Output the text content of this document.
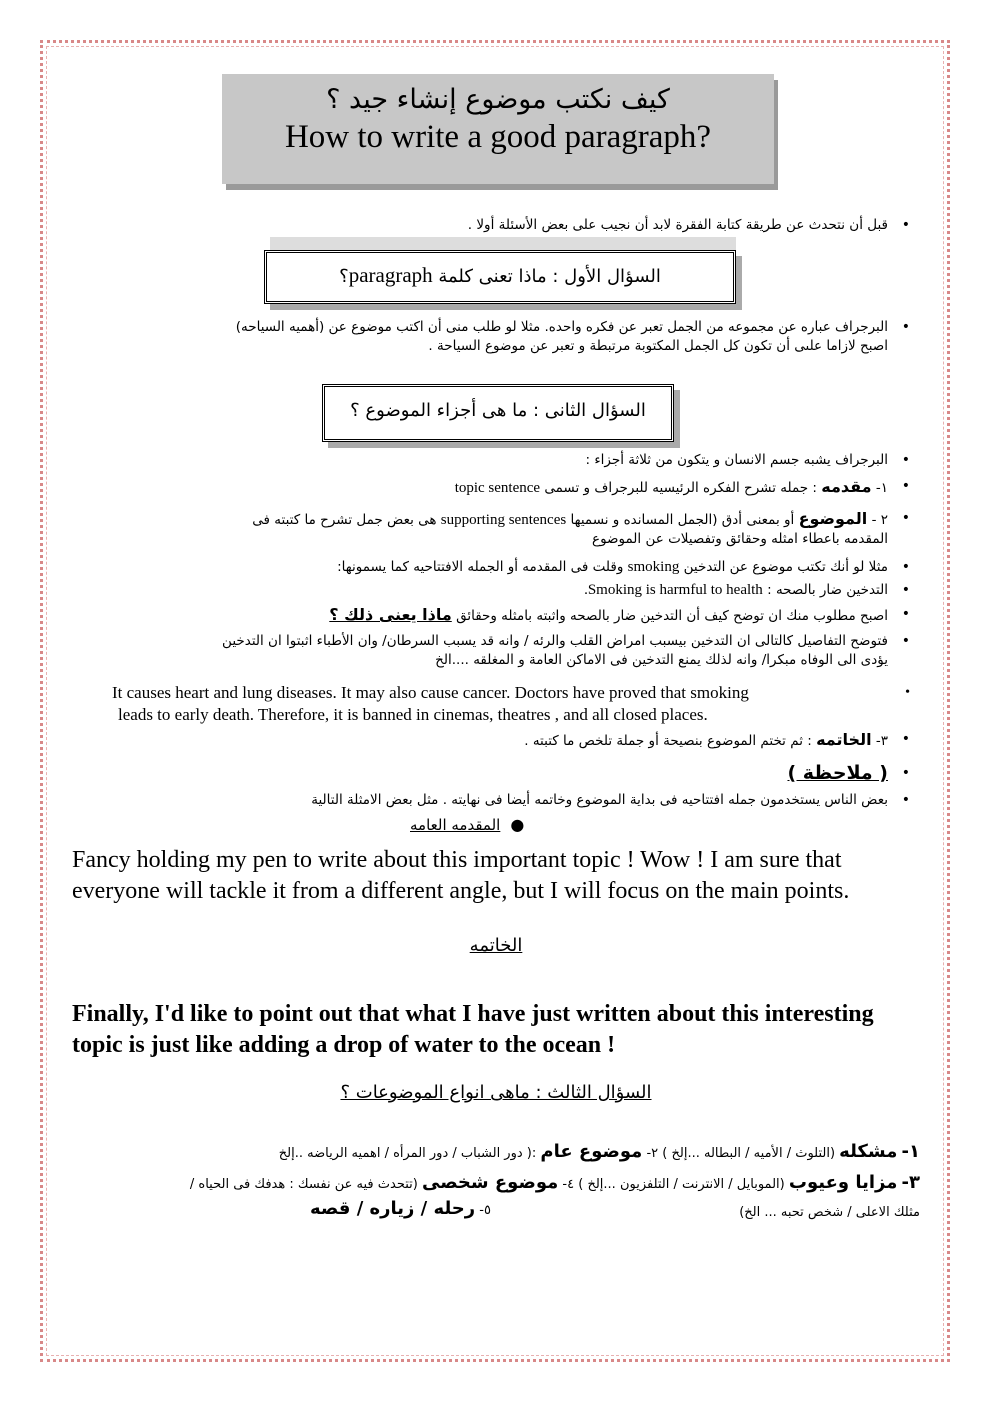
كيف نكتب موضوع إنشاء جيد ؟
How to write a good paragraph?
قبل أن نتحدث عن طريقة كتابة الفقرة لابد أن نجيب على بعض الأسئلة أولا . •
السؤال الأول : ماذا تعنى كلمة paragraph؟
البرجراف عباره عن مجموعه من الجمل تعبر عن فكره واحده. مثلا لو طلب منى أن اكتب موضوع عن (أهميه السياحه)
اصبح لازاما علىى أن تكون كل الجمل المكتوبة مرتبطة و تعبر عن موضوع السياحة .
•
السؤال الثانى : ما هى أجزاء الموضوع ؟
البرجراف يشبه جسم الانسان و يتكون من ثلاثة أجزاء : •
١- مقدمه : جمله تشرح الفكره الرئيسيه للبرجراف و تسمى topic sentence •
٢ - الموضوع أو بمعنى أدق (الجمل المسانده و نسميها supporting sentences هى بعض جمل تشرح ما كتبته فى
المقدمه باعطاء امثله وحقائق وتفصيلات عن الموضوع
•
مثلا لو أنك تكتب موضوع عن التدخين smoking وقلت فى المقدمه أو الجمله الافتتاحيه كما يسمونها: •
التدخين ضار بالصحه : Smoking is harmful to health. •
اصبح مطلوب منك ان توضح كيف أن التدخين ضار بالصحه واثبته بامثله وحقائق ماذا يعنى ذلك ؟ •
فتوضح التفاصيل كالتالى ان التدخين بيسبب امراض القلب والرئه / وانه قد يسبب السرطان/ وان الأطباء اثبتوا ان التدخين
يؤدى الى الوفاه مبكرا/ وانه لذلك يمنع التدخين فى الاماكن العامة و المغلقه ....الخ
•
It causes heart and lung diseases. It may also cause cancer. Doctors have proved that smoking
leads to early death. Therefore, it is banned in cinemas, theatres , and all closed places.
•
٣- الخاتمه : ثم تختم الموضوع بنصيحة أو جملة تلخص ما كتبته . •
( ملاحظة ) •
بعض الناس يستخدمون جمله افتتاحيه فى بداية الموضوع وخاتمه أيضا فى نهايته . مثل بعض الامثلة التالية •
●المقدمه العامه
Fancy holding my pen to write about this important topic ! Wow ! I am sure that everyone will tackle it from a different angle, but I will focus on the main points.
الخاتمه
Finally, I'd like to point out that what I have just written about this interesting topic is just like adding a drop of water to the ocean !
السؤال الثالث : ماهى انواع الموضوعات ؟
١- مشكله (التلوث / الأميه / البطاله ...إلخ ) ٢- موضوع عام :( دور الشباب / دور المرأه / اهميه الرياضه ..إلخ
٣- مزايا وعيوب (الموبايل / الانترنت / التلفزيون ...إلخ ) ٤- موضوع شخصى (تتحدث فيه عن نفسك : هدفك فى الحياه /
مثلك الاعلى / شخص تحبه ... الخ)
٥- رحله / زياره / قصه
